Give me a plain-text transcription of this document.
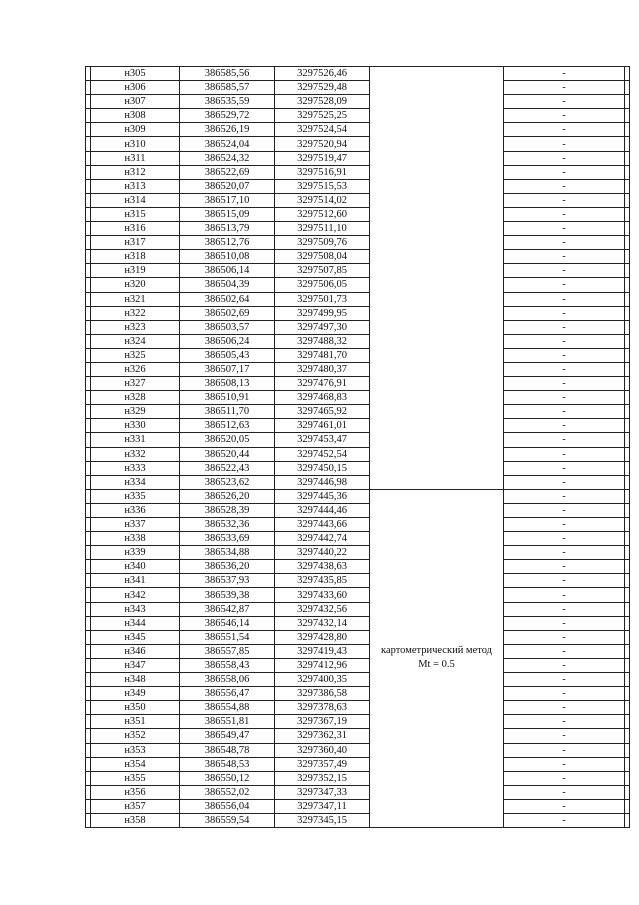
	н305	386585,56	3297526,46		-	
	н306	386585,57	3297529,48		-	
	н307	386535,59	3297528,09		-	
	н308	386529,72	3297525,25		-	
	н309	386526,19	3297524,54		-	
	н310	386524,04	3297520,94		-	
	н311	386524,32	3297519,47		-	
	н312	386522,69	3297516,91		-	
	н313	386520,07	3297515,53		-	
	н314	386517,10	3297514,02		-	
	н315	386515,09	3297512,60		-	
	н316	386513,79	3297511,10		-	
	н317	386512,76	3297509,76		-	
	н318	386510,08	3297508,04		-	
	н319	386506,14	3297507,85		-	
	н320	386504,39	3297506,05		-	
	н321	386502,64	3297501,73		-	
	н322	386502,69	3297499,95		-	
	н323	386503,57	3297497,30		-	
	н324	386506,24	3297488,32		-	
	н325	386505,43	3297481,70		-	
	н326	386507,17	3297480,37		-	
	н327	386508,13	3297476,91		-	
	н328	386510,91	3297468,83		-	
	н329	386511,70	3297465,92		-	
	н330	386512,63	3297461,01		-	
	н331	386520,05	3297453,47		-	
	н332	386520,44	3297452,54		-	
	н333	386522,43	3297450,15		-	
	н334	386523,62	3297446,98		-	
	н335	386526,20	3297445,36	картометрический метод Mt = 0.5	-	
	н336	386528,39	3297444,46		-	
	н337	386532,36	3297443,66		-	
	н338	386533,69	3297442,74		-	
	н339	386534,88	3297440,22		-	
	н340	386536,20	3297438,63		-	
	н341	386537,93	3297435,85		-	
	н342	386539,38	3297433,60		-	
	н343	386542,87	3297432,56		-	
	н344	386546,14	3297432,14		-	
	н345	386551,54	3297428,80		-	
	н346	386557,85	3297419,43		-	
	н347	386558,43	3297412,96		-	
	н348	386558,06	3297400,35		-	
	н349	386556,47	3297386,58		-	
	н350	386554,88	3297378,63		-	
	н351	386551,81	3297367,19		-	
	н352	386549,47	3297362,31		-	
	н353	386548,78	3297360,40		-	
	н354	386548,53	3297357,49		-	
	н355	386550,12	3297352,15		-	
	н356	386552,02	3297347,33		-	
	н357	386556,04	3297347,11		-	
	н358	386559,54	3297345,15		-	
